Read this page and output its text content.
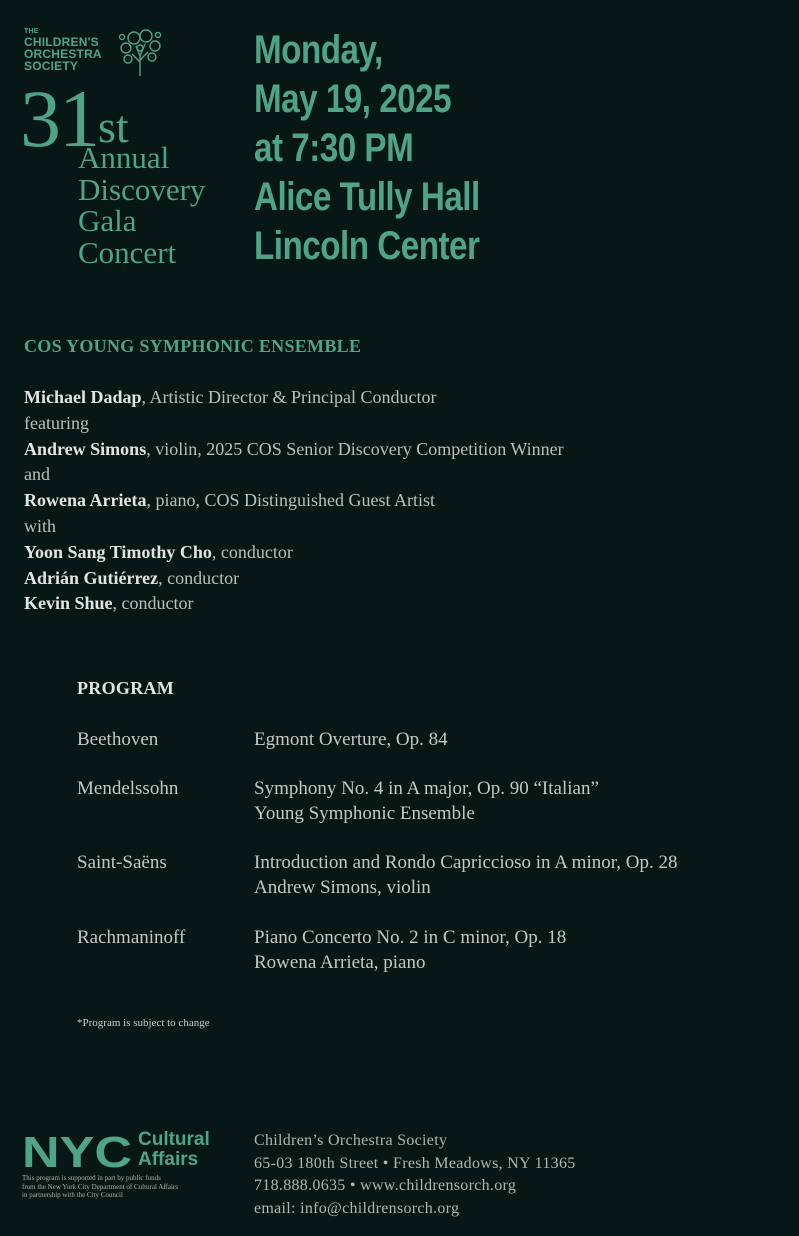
THE
CHILDREN'S
ORCHESTRA
SOCIETY
31st
Annual
Discovery
Gala
Concert
Monday,
May 19, 2025
at 7:30 PM
Alice Tully Hall
Lincoln Center
COS YOUNG SYMPHONIC ENSEMBLE
Michael Dadap, Artistic Director & Principal Conductor
featuring
Andrew Simons, violin, 2025 COS Senior Discovery Competition Winner
and
Rowena Arrieta, piano, COS Distinguished Guest Artist
with
Yoon Sang Timothy Cho, conductor
Adrián Gutiérrez, conductor
Kevin Shue, conductor
PROGRAM
Beethoven	Egmont Overture, Op. 84
Mendelssohn	Symphony No. 4 in A major, Op. 90 “Italian”
Young Symphonic Ensemble
Saint-Saëns	Introduction and Rondo Capriccioso in A minor, Op. 28
Andrew Simons, violin
Rachmaninoff	Piano Concerto No. 2 in C minor, Op. 18
Rowena Arrieta, piano
*Program is subject to change
NYC Cultural
Affairs
This program is supported in part by public funds
from the New York City Department of Cultural Affairs
in partnership with the City Council
Children’s Orchestra Society
65-03 180th Street • Fresh Meadows, NY 11365
718.888.0635 • www.childrensorch.org
email: info@childrensorch.org
